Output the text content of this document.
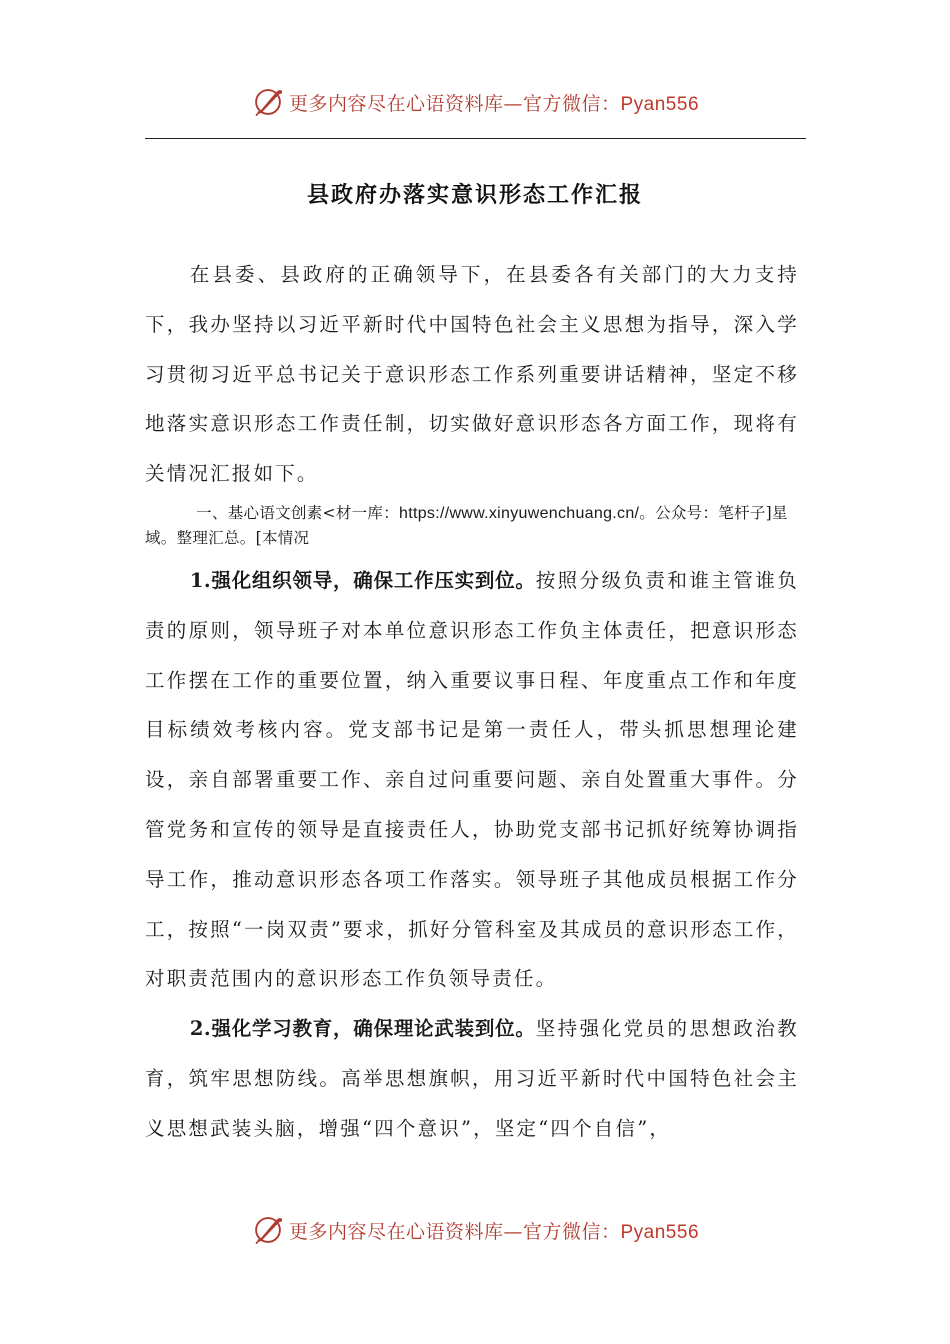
更多内容尽在心语资料库—官方微信：Pyan556
县政府办落实意识形态工作汇报

在县委、县政府的正确领导下，在县委各有关部门的大力支持下，我办坚持以习近平新时代中国特色社会主义思想为指导，深入学习贯彻习近平总书记关于意识形态工作系列重要讲话精神，坚定不移地落实意识形态工作责任制，切实做好意识形态各方面工作，现将有关情况汇报如下。

一、基心语文创素<材一库：https://www.xinyuwenchuang.cn/。公众号：笔杆子]星域。整理汇总。[本情况

1.强化组织领导，确保工作压实到位。按照分级负责和谁主管谁负责的原则，领导班子对本单位意识形态工作负主体责任，把意识形态工作摆在工作的重要位置，纳入重要议事日程、年度重点工作和年度目标绩效考核内容。党支部书记是第一责任人，带头抓思想理论建设，亲自部署重要工作、亲自过问重要问题、亲自处置重大事件。分管党务和宣传的领导是直接责任人，协助党支部书记抓好统筹协调指导工作，推动意识形态各项工作落实。领导班子其他成员根据工作分工，按照“一岗双责”要求，抓好分管科室及其成员的意识形态工作，对职责范围内的意识形态工作负领导责任。

2.强化学习教育，确保理论武装到位。坚持强化党员的思想政治教育，筑牢思想防线。高举思想旗帜，用习近平新时代中国特色社会主义思想武装头脑，增强“四个意识”，坚定“四个自信”，

更多内容尽在心语资料库—官方微信：Pyan556
